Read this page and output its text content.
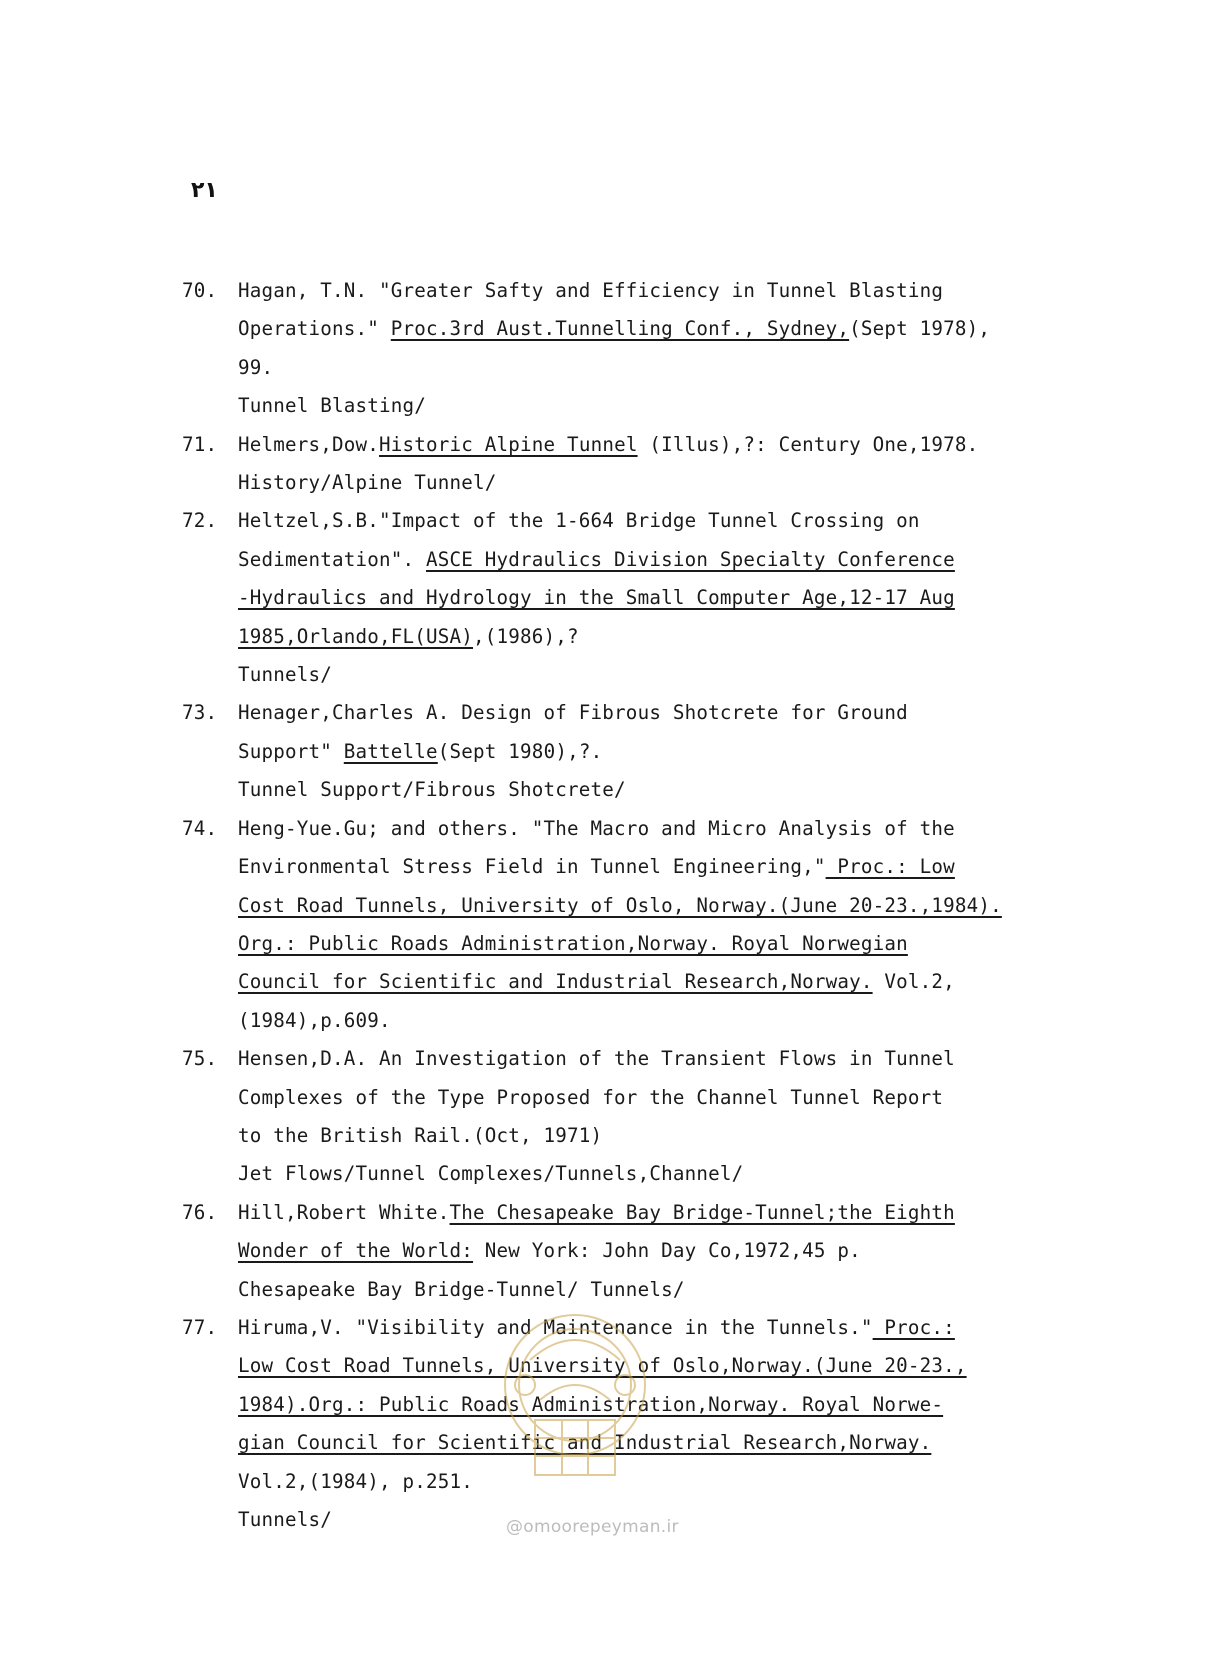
۲۱
70. Hagan, T.N. "Greater Safty and Efficiency in Tunnel Blasting
Operations." Proc.3rd Aust.Tunnelling Conf., Sydney,(Sept 1978),
99.
Tunnel Blasting/
71. Helmers,Dow.Historic Alpine Tunnel (Illus),?: Century One,1978.
History/Alpine Tunnel/
72. Heltzel,S.B."Impact of the 1-664 Bridge Tunnel Crossing on
Sedimentation". ASCE Hydraulics Division Specialty Conference
-Hydraulics and Hydrology in the Small Computer Age,12-17 Aug
1985,Orlando,FL(USA),(1986),?
Tunnels/
73. Henager,Charles A. Design of Fibrous Shotcrete for Ground
Support" Battelle(Sept 1980),?.
Tunnel Support/Fibrous Shotcrete/
74. Heng-Yue.Gu; and others. "The Macro and Micro Analysis of the
Environmental Stress Field in Tunnel Engineering," Proc.: Low
Cost Road Tunnels, University of Oslo, Norway.(June 20-23.,1984).
Org.: Public Roads Administration,Norway. Royal Norwegian
Council for Scientific and Industrial Research,Norway. Vol.2,
(1984),p.609.
75. Hensen,D.A. An Investigation of the Transient Flows in Tunnel
Complexes of the Type Proposed for the Channel Tunnel Report
to the British Rail.(Oct, 1971)
Jet Flows/Tunnel Complexes/Tunnels,Channel/
76. Hill,Robert White.The Chesapeake Bay Bridge-Tunnel;the Eighth
Wonder of the World: New York: John Day Co,1972,45 p.
Chesapeake Bay Bridge-Tunnel/ Tunnels/
77. Hiruma,V. "Visibility and Maintenance in the Tunnels." Proc.:
Low Cost Road Tunnels, University of Oslo,Norway.(June 20-23.,
1984).Org.: Public Roads Administration,Norway. Royal Norwe-
gian Council for Scientific and Industrial Research,Norway.
Vol.2,(1984), p.251.
Tunnels/	@omoorepeyman.ir
